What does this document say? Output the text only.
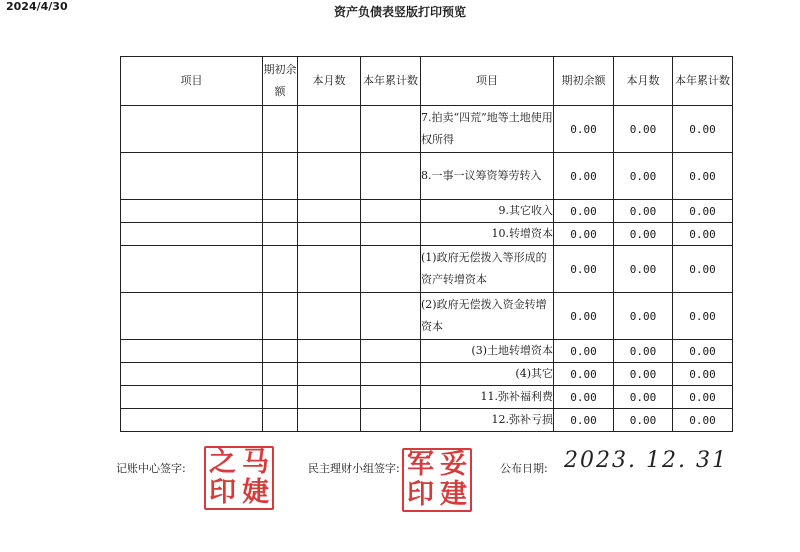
2024/4/30	资产负债表竖版打印预览
项目	期初余额	本月数	本年累计数	项目	期初余额	本月数	本年累计数
				7.拍卖“四荒”地等土地使用权所得	0.00	0.00	0.00
				8.一事一议筹资筹劳转入	0.00	0.00	0.00
				9.其它收入	0.00	0.00	0.00
				10.转增资本	0.00	0.00	0.00
				(1)政府无偿拨入等形成的资产转增资本	0.00	0.00	0.00
				(2)政府无偿拨入资金转增资本	0.00	0.00	0.00
				(3)土地转增资本	0.00	0.00	0.00
				(4)其它	0.00	0.00	0.00
				11.弥补福利费	0.00	0.00	0.00
				12.弥补亏损	0.00	0.00	0.00
记账中心签字: 之 马
印 婕
民主理财小组签字: 军 妥
印 建
公布日期: 2023. 12. 31
